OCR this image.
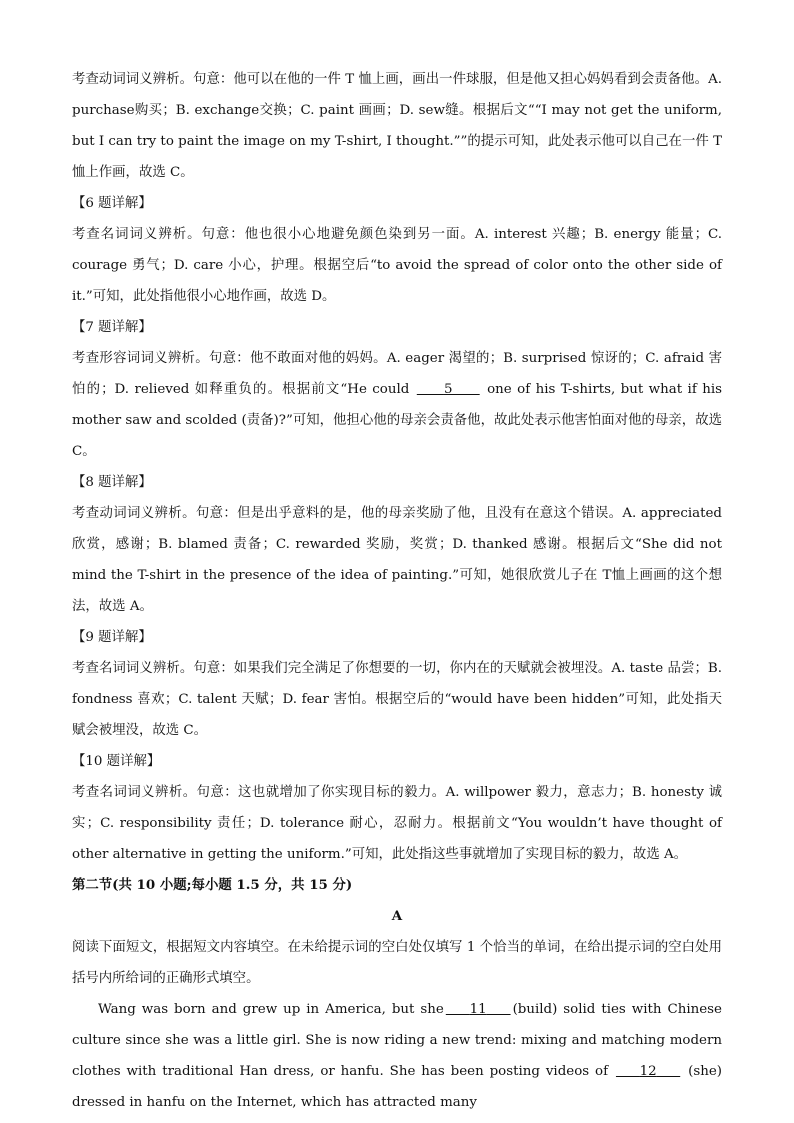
考查动词词义辨析。句意：他可以在他的一件 T 恤上画，画出一件球服，但是他又担心妈妈看到会责备他。A. purchase购买；B. exchange交换；C. paint 画画；D. sew缝。根据后文““I may not get the uniform, but I can try to paint the image on my T-shirt, I thought.””的提示可知，此处表示他可以自己在一件 T恤上作画，故选 C。

【6 题详解】

考查名词词义辨析。句意：他也很小心地避免颜色染到另一面。A. interest 兴趣；B. energy 能量；C. courage 勇气；D. care 小心，护理。根据空后“to avoid the spread of color onto the other side of it.”可知，此处指他很小心地作画，故选 D。

【7 题详解】

考查形容词词义辨析。句意：他不敢面对他的妈妈。A. eager 渴望的；B. surprised 惊讶的；C. afraid 害怕的；D. relieved 如释重负的。根据前文“He could      5      one of his T-shirts, but what if his mother saw and scolded (责备)?”可知，他担心他的母亲会责备他，故此处表示他害怕面对他的母亲，故选 C。

【8 题详解】

考查动词词义辨析。句意：但是出乎意料的是，他的母亲奖励了他，且没有在意这个错误。A. appreciated 欣赏，感谢；B. blamed 责备；C. rewarded 奖励，奖赏；D. thanked 感谢。根据后文“She did not mind the T-shirt in the presence of the idea of painting.”可知，她很欣赏儿子在 T恤上画画的这个想法，故选 A。

【9 题详解】

考查名词词义辨析。句意：如果我们完全满足了你想要的一切，你内在的天赋就会被埋没。A. taste 品尝；B. fondness 喜欢；C. talent 天赋；D. fear 害怕。根据空后的“would have been hidden”可知，此处指天赋会被埋没，故选 C。

【10 题详解】

考查名词词义辨析。句意：这也就增加了你实现目标的毅力。A. willpower 毅力，意志力；B. honesty 诚实；C. responsibility 责任；D. tolerance 耐心，忍耐力。根据前文“You wouldn’t have thought of other alternative in getting the uniform.”可知，此处指这些事就增加了实现目标的毅力，故选 A。

第二节(共 10 小题;每小题 1.5 分，共 15 分)
A

阅读下面短文，根据短文内容填空。在未给提示词的空白处仅填写 1 个恰当的单词，在给出提示词的空白处用括号内所给词的正确形式填空。

Wang was born and grew up in America, but she 11 (build) solid ties with Chinese culture since she was a little girl. She is now riding a new trend: mixing and matching modern clothes with traditional Han dress, or hanfu. She has been posting videos of     12     (she) dressed in hanfu on the Internet, which has attracted many
